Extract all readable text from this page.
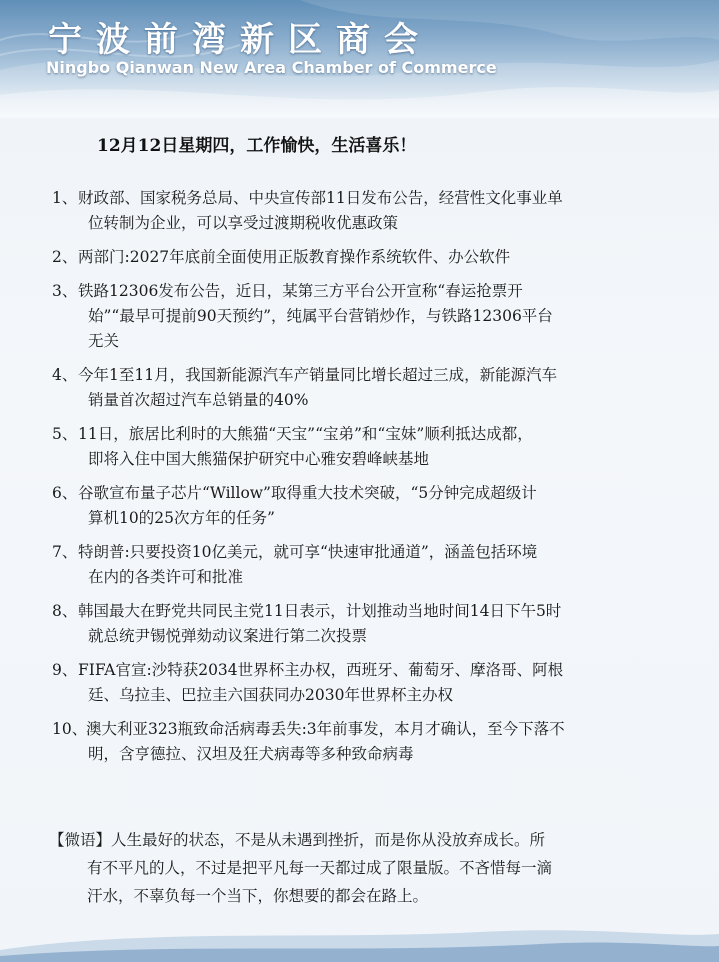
宁波前湾新区商会
Ningbo Qianwan New Area Chamber of Commerce
12月12日星期四，工作愉快，生活喜乐！
1、 财政部、国家税务总局、中央宣传部11日发布公告，经营性文化事业单
位转制为企业，可以享受过渡期税收优惠政策
2、 两部门:2027年底前全面使用正版教育操作系统软件、办公软件
3、 铁路12306发布公告，近日，某第三方平台公开宣称“春运抢票开
始”“最早可提前90天预约”，纯属平台营销炒作，与铁路12306平台
无关
4、 今年1至11月，我国新能源汽车产销量同比增长超过三成，新能源汽车
销量首次超过汽车总销量的40%
5、 11日，旅居比利时的大熊猫“天宝”“宝弟”和“宝妹”顺利抵达成都，
即将入住中国大熊猫保护研究中心雅安碧峰峡基地
6、 谷歌宣布量子芯片“Willow”取得重大技术突破，“5分钟完成超级计
算机10的25次方年的任务”
7、 特朗普:只要投资10亿美元，就可享“快速审批通道”，涵盖包括环境
在内的各类许可和批准
8、 韩国最大在野党共同民主党11日表示，计划推动当地时间14日下午5时
就总统尹锡悦弹劾动议案进行第二次投票
9、 FIFA官宣:沙特获2034世界杯主办权，西班牙、葡萄牙、摩洛哥、阿根
廷、乌拉圭、巴拉圭六国获同办2030年世界杯主办权
10、
澳大利亚323瓶致命活病毒丢失:3年前事发，本月才确认，至今下落不
明，含亨德拉、汉坦及狂犬病毒等多种致命病毒
【微语】人生最好的状态，不是从未遇到挫折，而是你从没放弃成长。所
有不平凡的人，不过是把平凡每一天都过成了限量版。不吝惜每一滴
汗水，不辜负每一个当下，你想要的都会在路上。
